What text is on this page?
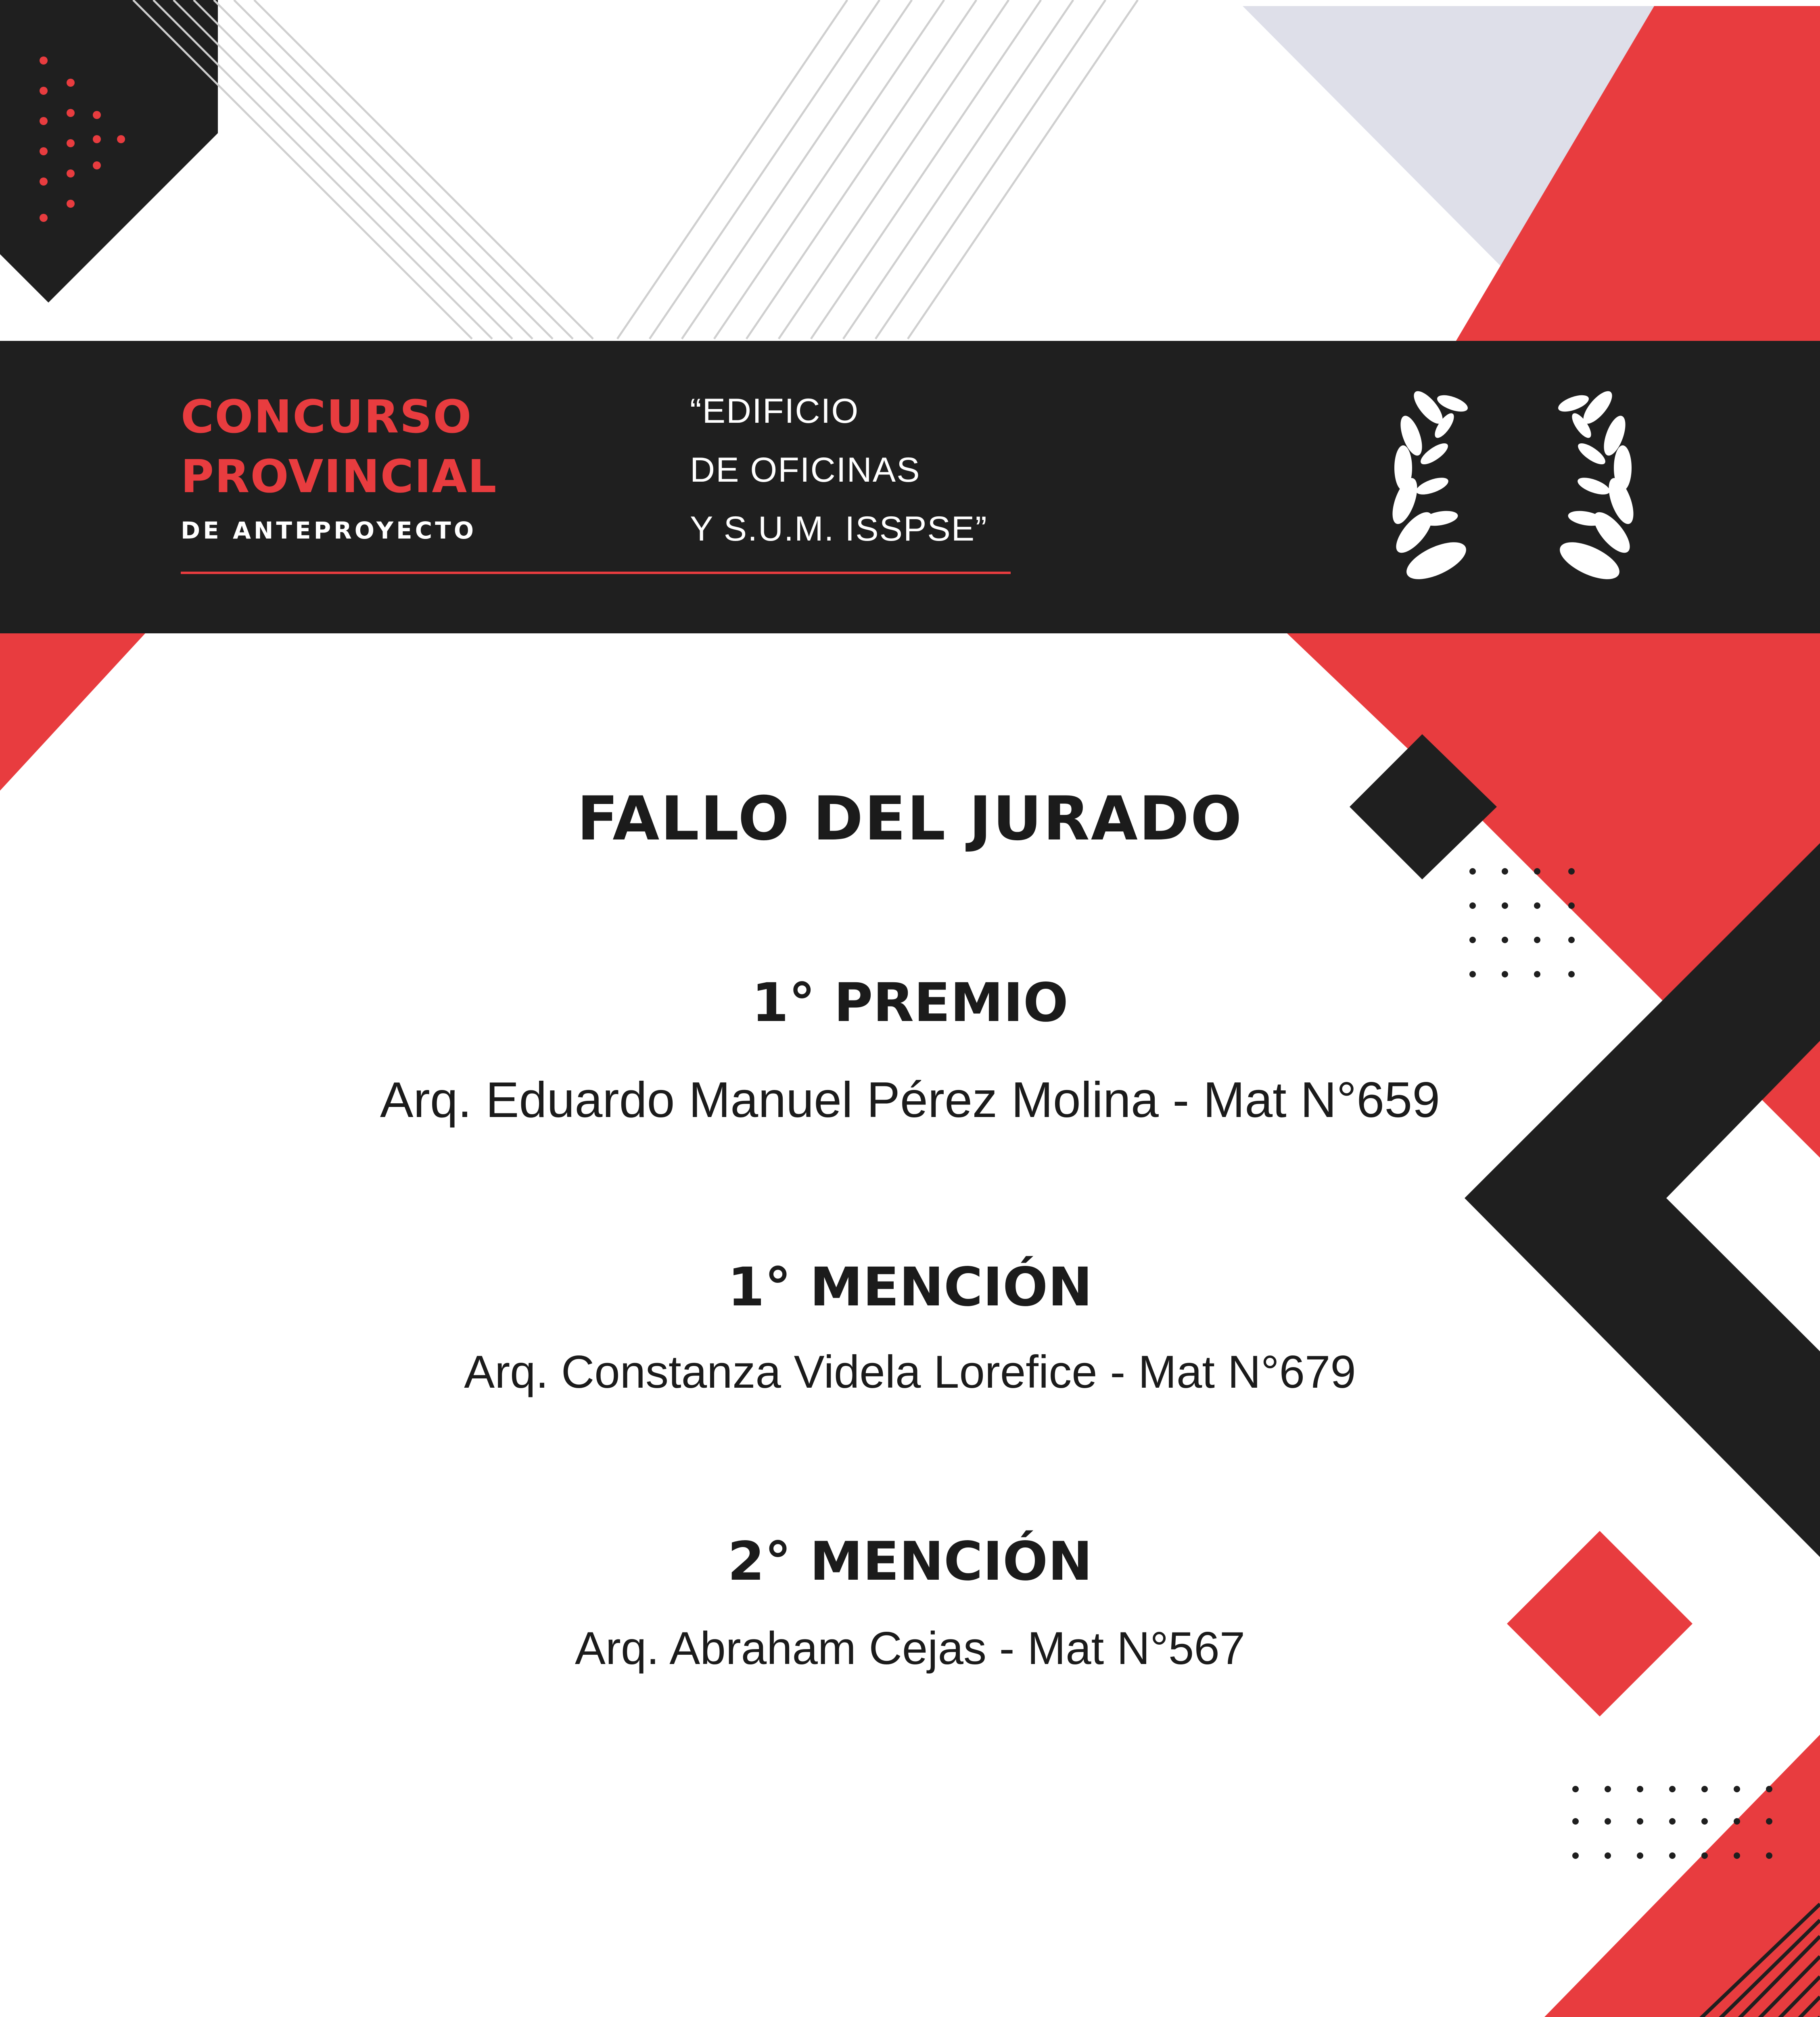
CONCURSO
PROVINCIAL
DE ANTEPROYECTO
“EDIFICIO
DE OFICINAS
Y S.U.M. ISSPSE”
FALLO DEL JURADO
1° PREMIO
Arq. Eduardo Manuel Pérez Molina - Mat N°659
1° MENCIÓN
Arq. Constanza Videla Lorefice - Mat N°679
2° MENCIÓN
Arq. Abraham Cejas - Mat N°567
